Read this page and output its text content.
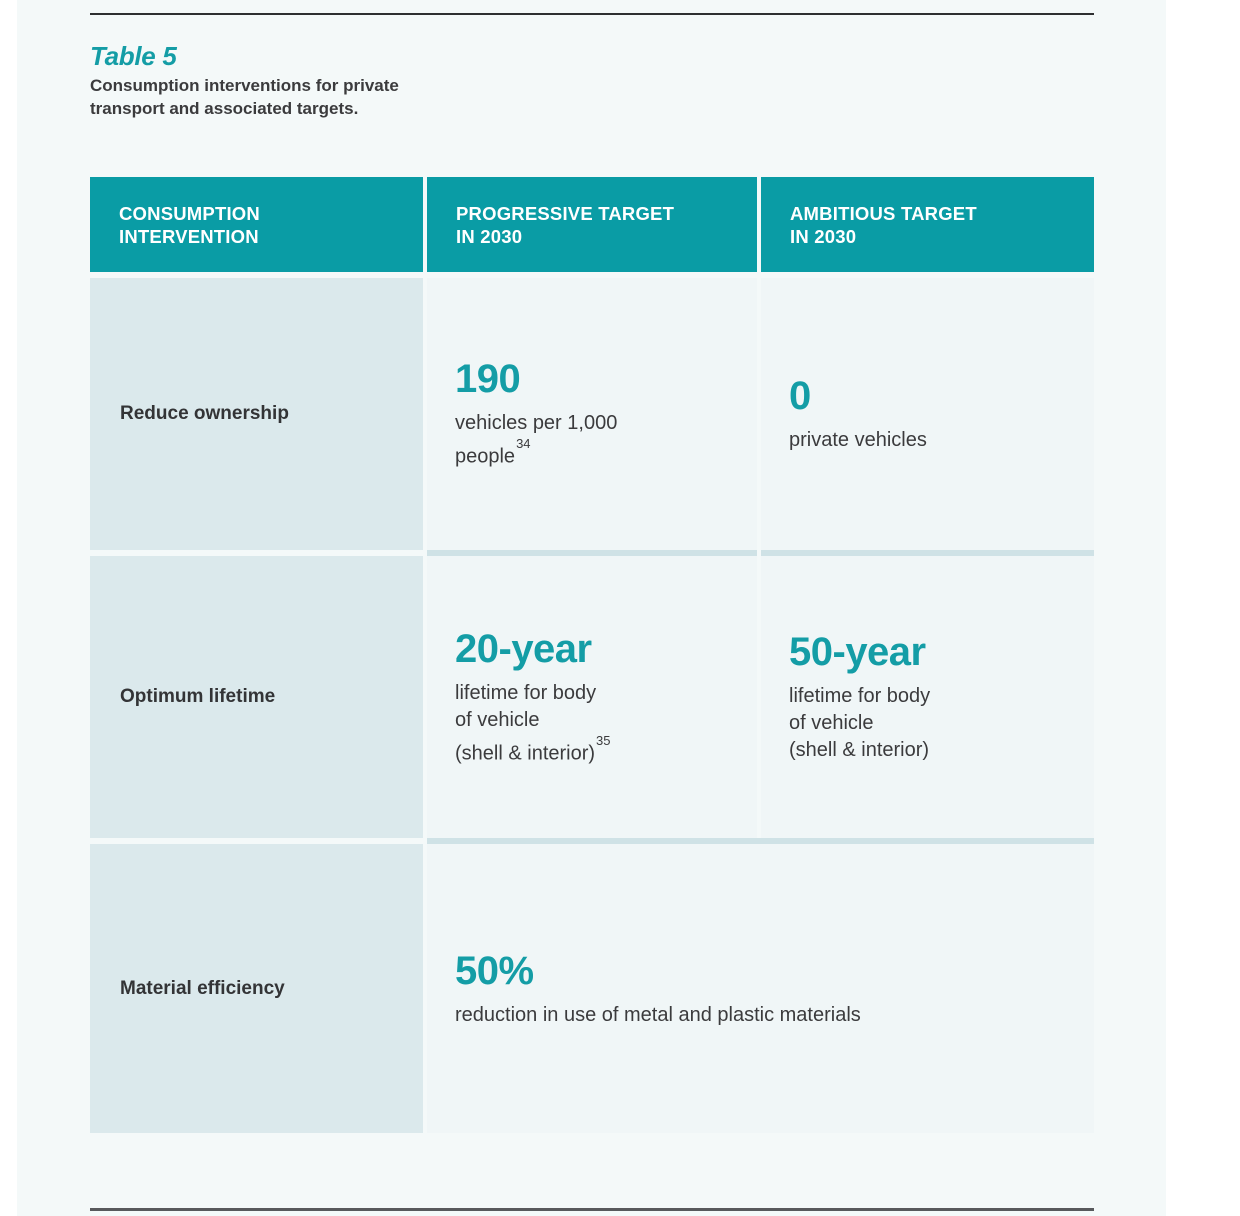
Table 5
Consumption interventions for private
transport and associated targets.
CONSUMPTION
INTERVENTION
PROGRESSIVE TARGET
IN 2030
AMBITIOUS TARGET
IN 2030
Reduce ownership
190
vehicles per 1,000
people$^{34}$
0
private vehicles
Optimum lifetime
20-year
lifetime for body
of vehicle
(shell & interior)$^{35}$
50-year
lifetime for body
of vehicle
(shell & interior)
Material efficiency	50%
reduction in use of metal and plastic materials
